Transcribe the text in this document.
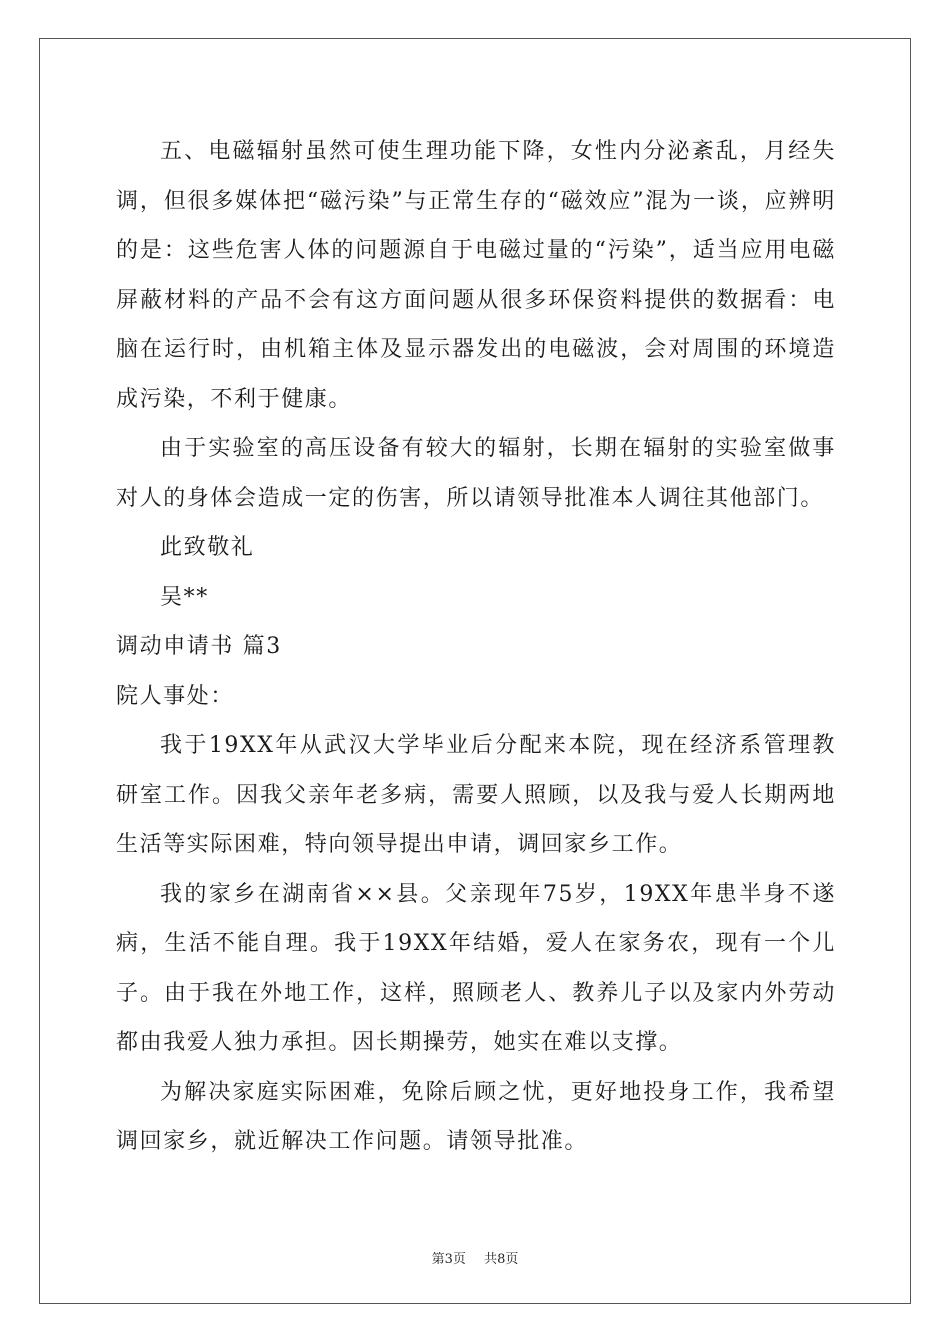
五、电磁辐射虽然可使生理功能下降，女性内分泌紊乱，月经失调，但很多媒体把“磁污染”与正常生存的“磁效应”混为一谈，应辨明的是：这些危害人体的问题源自于电磁过量的“污染”，适当应用电磁屏蔽材料的产品不会有这方面问题从很多环保资料提供的数据看：电脑在运行时，由机箱主体及显示器发出的电磁波，会对周围的环境造成污染，不利于健康。

由于实验室的高压设备有较大的辐射，长期在辐射的实验室做事对人的身体会造成一定的伤害，所以请领导批准本人调往其他部门。

此致敬礼

吴**

调动申请书 篇3

院人事处：

我于19XX年从武汉大学毕业后分配来本院，现在经济系管理教研室工作。因我父亲年老多病，需要人照顾，以及我与爱人长期两地生活等实际困难，特向领导提出申请，调回家乡工作。

我的家乡在湖南省××县。父亲现年75岁，19XX年患半身不遂病，生活不能自理。我于19XX年结婚，爱人在家务农，现有一个儿子。由于我在外地工作，这样，照顾老人、教养儿子以及家内外劳动都由我爱人独力承担。因长期操劳，她实在难以支撑。

为解决家庭实际困难，免除后顾之忧，更好地投身工作，我希望调回家乡，就近解决工作问题。请领导批准。

第3页 共8页
